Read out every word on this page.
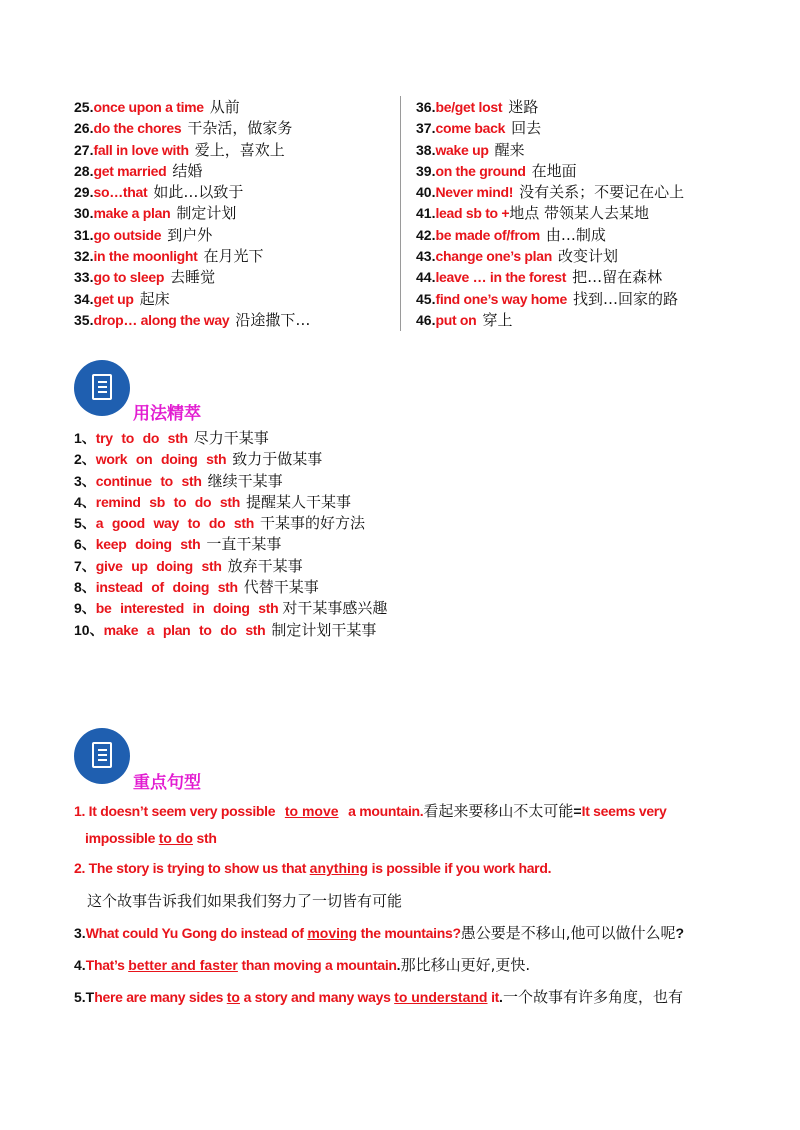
25.once upon a time 从前
26.do the chores 干杂活，做家务
27.fall in love with 爱上，喜欢上
28.get married 结婚
29.so…that 如此…以致于
30.make a plan 制定计划
31.go outside 到户外
32.in the moonlight 在月光下
33.go to sleep 去睡觉
34.get up 起床
35.drop… along the way 沿途撒下…
36.be/get lost 迷路
37.come back 回去
38.wake up 醒来
39.on the ground 在地面
40.Never mind! 没有关系；不要记在心上
41.lead sb to +地点 带领某人去某地
42.be made of/from 由…制成
43.change one’s plan 改变计划
44.leave … in the forest 把…留在森林
45.find one’s way home 找到…回家的路
46.put on 穿上
用法精萃
1、try to do sth 尽力干某事
2、work on doing sth 致力于做某事
3、continue to sth 继续干某事
4、remind sb to do sth 提醒某人干某事
5、a good way to do sth 干某事的好方法
6、keep doing sth 一直干某事
7、give up doing sth 放弃干某事
8、instead of doing sth 代替干某事
9、be interested in doing sth 对干某事感兴趣
10、make a plan to do sth 制定计划干某事
重点句型
1. It doesn’t seem very possible to move a mountain.看起来要移山不太可能=It seems very
impossible to do sth
2. The story is trying to show us that anything is possible if you work hard.
这个故事告诉我们如果我们努力了一切皆有可能
3.What could Yu Gong do instead of moving the mountains?愚公要是不移山,他可以做什么呢?
4.That’s better and faster than moving a mountain.那比移山更好,更快.
5.There are many sides to a story and many ways to understand it.一个故事有许多角度，也有
